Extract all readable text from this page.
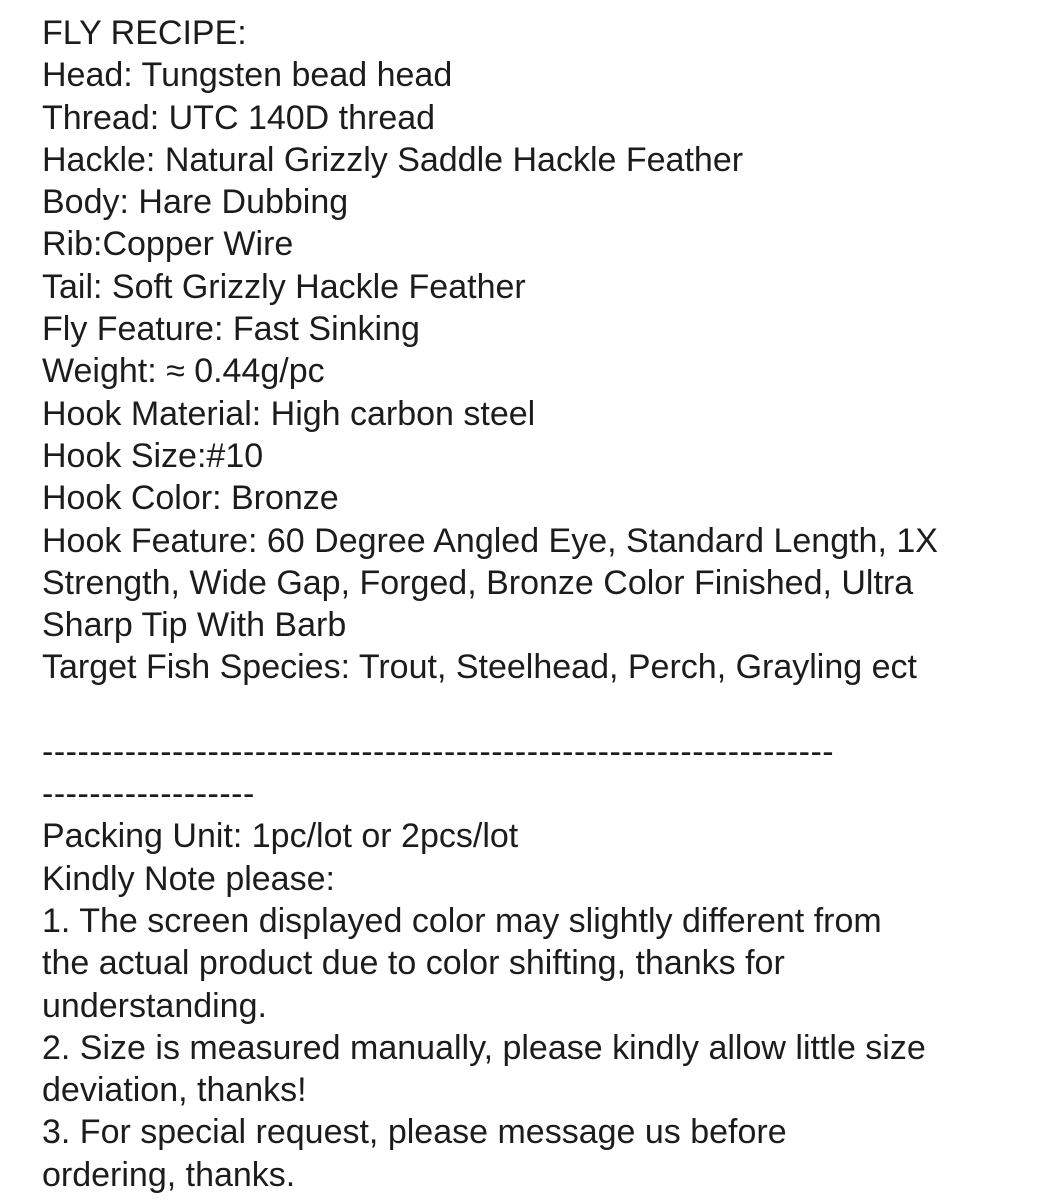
FLY RECIPE:
Head: Tungsten bead head
Thread: UTC 140D thread
Hackle: Natural Grizzly Saddle Hackle Feather
Body: Hare Dubbing
Rib:Copper Wire
Tail: Soft Grizzly Hackle Feather
Fly Feature: Fast Sinking
Weight: ≈ 0.44g/pc
Hook Material: High carbon steel
Hook Size:#10
Hook Color: Bronze
Hook Feature: 60 Degree Angled Eye, Standard Length, 1X
Strength, Wide Gap, Forged, Bronze Color Finished, Ultra
Sharp Tip With Barb
Target Fish Species: Trout, Steelhead, Perch, Grayling ect
-------------------------------------------------------------------
------------------
Packing Unit: 1pc/lot or 2pcs/lot
Kindly Note please:
1. The screen displayed color may slightly different from
the actual product due to color shifting, thanks for
understanding.
2. Size is measured manually, please kindly allow little size
deviation, thanks!
3. For special request, please message us before
ordering, thanks.
